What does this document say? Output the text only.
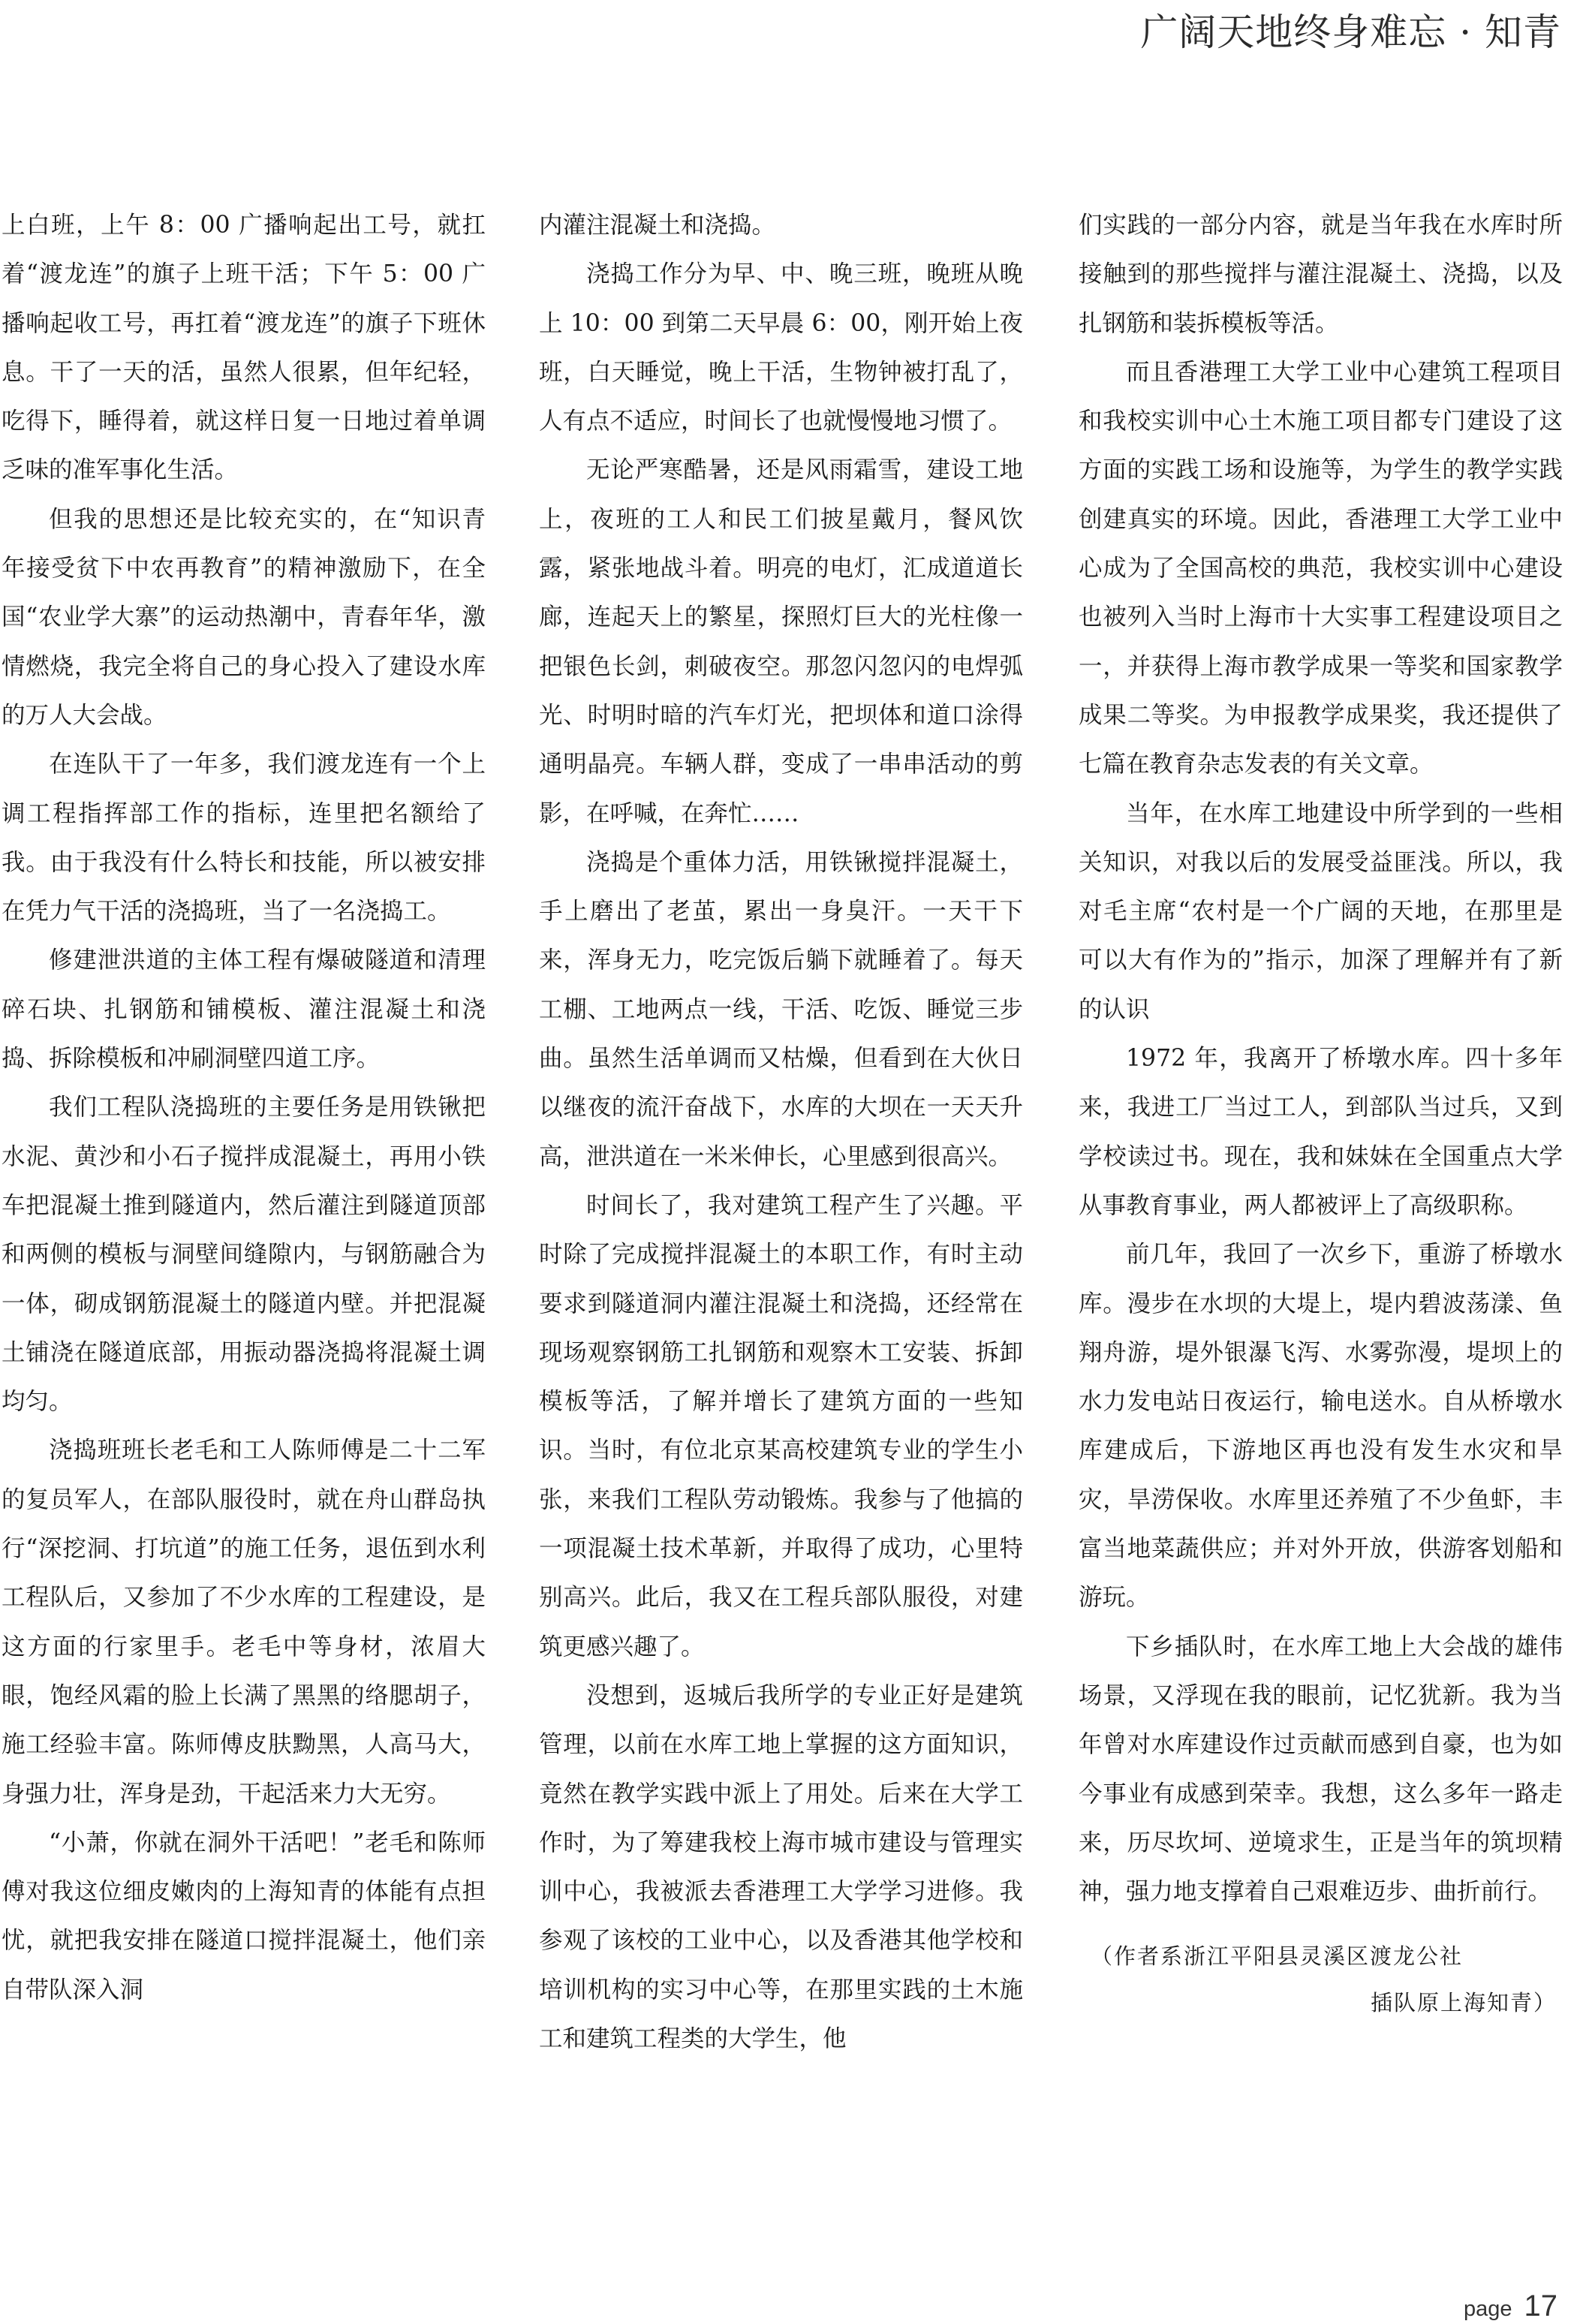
广阔天地终身难忘 · 知青

上白班，上午 8：00 广播响起出工号，就扛着“渡龙连”的旗子上班干活；下午 5：00 广播响起收工号，再扛着“渡龙连”的旗子下班休息。干了一天的活，虽然人很累，但年纪轻，吃得下，睡得着，就这样日复一日地过着单调乏味的准军事化生活。

但我的思想还是比较充实的，在“知识青年接受贫下中农再教育”的精神激励下，在全国“农业学大寨”的运动热潮中，青春年华，激情燃烧，我完全将自己的身心投入了建设水库的万人大会战。

在连队干了一年多，我们渡龙连有一个上调工程指挥部工作的指标，连里把名额给了我。由于我没有什么特长和技能，所以被安排在凭力气干活的浇捣班，当了一名浇捣工。

修建泄洪道的主体工程有爆破隧道和清理碎石块、扎钢筋和铺模板、灌注混凝土和浇捣、拆除模板和冲刷洞壁四道工序。

我们工程队浇捣班的主要任务是用铁锹把水泥、黄沙和小石子搅拌成混凝土，再用小铁车把混凝土推到隧道内，然后灌注到隧道顶部和两侧的模板与洞壁间缝隙内，与钢筋融合为一体，砌成钢筋混凝土的隧道内壁。并把混凝土铺浇在隧道底部，用振动器浇捣将混凝土调均匀。

浇捣班班长老毛和工人陈师傅是二十二军的复员军人，在部队服役时，就在舟山群岛执行“深挖洞、打坑道”的施工任务，退伍到水利工程队后，又参加了不少水库的工程建设，是这方面的行家里手。老毛中等身材，浓眉大眼，饱经风霜的脸上长满了黑黑的络腮胡子，施工经验丰富。陈师傅皮肤黝黑，人高马大，身强力壮，浑身是劲，干起活来力大无穷。

“小萧，你就在洞外干活吧！”老毛和陈师傅对我这位细皮嫩肉的上海知青的体能有点担忧，就把我安排在隧道口搅拌混凝土，他们亲自带队深入洞

内灌注混凝土和浇捣。

浇捣工作分为早、中、晚三班，晚班从晚上 10：00 到第二天早晨 6：00，刚开始上夜班，白天睡觉，晚上干活，生物钟被打乱了，人有点不适应，时间长了也就慢慢地习惯了。

无论严寒酷暑，还是风雨霜雪，建设工地上，夜班的工人和民工们披星戴月，餐风饮露，紧张地战斗着。明亮的电灯，汇成道道长廊，连起天上的繁星，探照灯巨大的光柱像一把银色长剑，刺破夜空。那忽闪忽闪的电焊弧光、时明时暗的汽车灯光，把坝体和道口涂得通明晶亮。车辆人群，变成了一串串活动的剪影，在呼喊，在奔忙……

浇捣是个重体力活，用铁锹搅拌混凝土，手上磨出了老茧，累出一身臭汗。一天干下来，浑身无力，吃完饭后躺下就睡着了。每天工棚、工地两点一线，干活、吃饭、睡觉三步曲。虽然生活单调而又枯燥，但看到在大伙日以继夜的流汗奋战下，水库的大坝在一天天升高，泄洪道在一米米伸长，心里感到很高兴。

时间长了，我对建筑工程产生了兴趣。平时除了完成搅拌混凝土的本职工作，有时主动要求到隧道洞内灌注混凝土和浇捣，还经常在现场观察钢筋工扎钢筋和观察木工安装、拆卸模板等活，了解并增长了建筑方面的一些知识。当时，有位北京某高校建筑专业的学生小张，来我们工程队劳动锻炼。我参与了他搞的一项混凝土技术革新，并取得了成功，心里特别高兴。此后，我又在工程兵部队服役，对建筑更感兴趣了。

没想到，返城后我所学的专业正好是建筑管理，以前在水库工地上掌握的这方面知识，竟然在教学实践中派上了用处。后来在大学工作时，为了筹建我校上海市城市建设与管理实训中心，我被派去香港理工大学学习进修。我参观了该校的工业中心，以及香港其他学校和培训机构的实习中心等，在那里实践的土木施工和建筑工程类的大学生，他

们实践的一部分内容，就是当年我在水库时所接触到的那些搅拌与灌注混凝土、浇捣，以及扎钢筋和装拆模板等活。

而且香港理工大学工业中心建筑工程项目和我校实训中心土木施工项目都专门建设了这方面的实践工场和设施等，为学生的教学实践创建真实的环境。因此，香港理工大学工业中心成为了全国高校的典范，我校实训中心建设也被列入当时上海市十大实事工程建设项目之一，并获得上海市教学成果一等奖和国家教学成果二等奖。为申报教学成果奖，我还提供了七篇在教育杂志发表的有关文章。

当年，在水库工地建设中所学到的一些相关知识，对我以后的发展受益匪浅。所以，我对毛主席“农村是一个广阔的天地，在那里是可以大有作为的”指示，加深了理解并有了新的认识

1972 年，我离开了桥墩水库。四十多年来，我进工厂当过工人，到部队当过兵，又到学校读过书。现在，我和妹妹在全国重点大学从事教育事业，两人都被评上了高级职称。

前几年，我回了一次乡下，重游了桥墩水库。漫步在水坝的大堤上，堤内碧波荡漾、鱼翔舟游，堤外银瀑飞泻、水雾弥漫，堤坝上的水力发电站日夜运行，输电送水。自从桥墩水库建成后，下游地区再也没有发生水灾和旱灾，旱涝保收。水库里还养殖了不少鱼虾，丰富当地菜蔬供应；并对外开放，供游客划船和游玩。

下乡插队时，在水库工地上大会战的雄伟场景，又浮现在我的眼前，记忆犹新。我为当年曾对水库建设作过贡献而感到自豪，也为如今事业有成感到荣幸。我想，这么多年一路走来，历尽坎坷、逆境求生，正是当年的筑坝精神，强力地支撑着自己艰难迈步、曲折前行。

（作者系浙江平阳县灵溪区渡龙公社
插队原上海知青）
page 17
